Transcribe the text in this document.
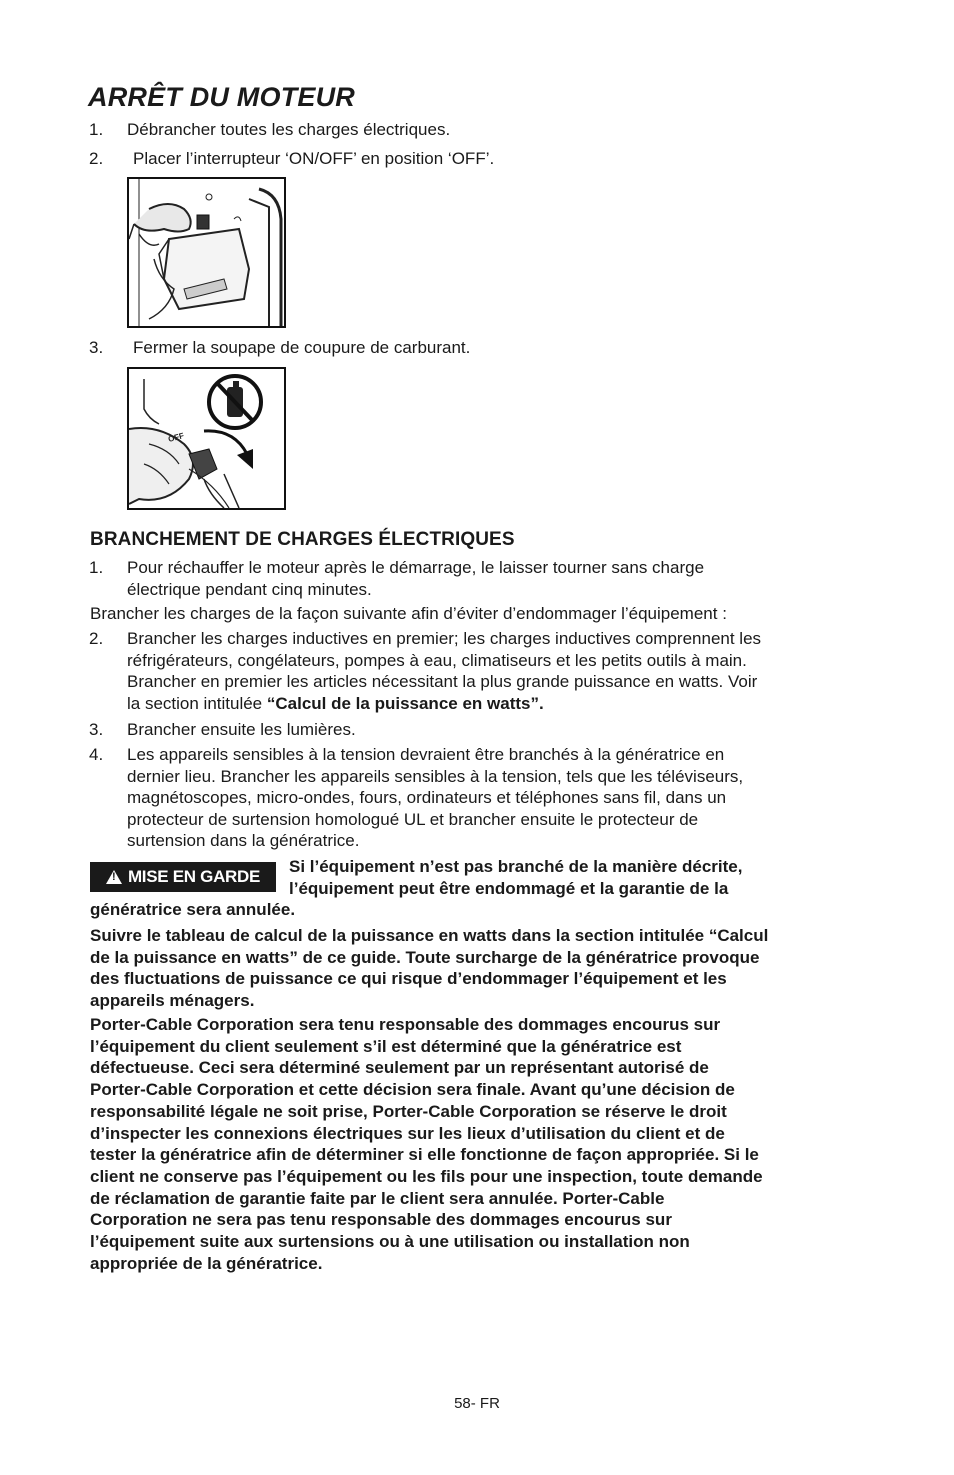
ARRÊT DU MOTEUR
1.	Débrancher toutes les charges électriques.
2.	Placer l’interrupteur ‘ON/OFF’ en position ‘OFF’.
3.	Fermer la soupape de coupure de carburant.
OFF
BRANCHEMENT DE CHARGES ÉLECTRIQUES
1.	Pour réchauffer le moteur après le démarrage, le laisser tourner sans charge
électrique pendant cinq minutes.
Brancher les charges de la façon suivante afin d’éviter d’endommager l’équipement :
2.	Brancher les charges inductives en premier; les charges inductives comprennent les
réfrigérateurs, congélateurs, pompes à eau, climatiseurs et les petits outils à main.
Brancher en premier les articles nécessitant la plus grande puissance en watts. Voir
la section intitulée “Calcul de la puissance en watts”.
3.	Brancher ensuite les lumières.
4.	Les appareils sensibles à la tension devraient être branchés à la génératrice en
dernier lieu. Brancher les appareils sensibles à la tension, tels que les téléviseurs,
magnétoscopes, micro-ondes, fours, ordinateurs et téléphones sans fil, dans un
protecteur de surtension homologué UL et brancher ensuite le protecteur de
surtension dans la génératrice.
!
MISE EN GARDE
Si l’équipement n’est pas branché de la manière décrite,
l’équipement peut être endommagé et la garantie de la
génératrice sera annulée.
Suivre le tableau de calcul de la puissance en watts dans la section intitulée “Calcul
de la puissance en watts” de ce guide. Toute surcharge de la génératrice provoque
des fluctuations de puissance ce qui risque d’endommager l’équipement et les
appareils ménagers.
Porter-Cable Corporation sera tenu responsable des dommages encourus sur
l’équipement du client seulement s’il est déterminé que la génératrice est
défectueuse. Ceci sera déterminé seulement par un représentant autorisé de
Porter-Cable Corporation et cette décision sera finale. Avant qu’une décision de
responsabilité légale ne soit prise, Porter-Cable Corporation se réserve le droit
d’inspecter les connexions électriques sur les lieux d’utilisation du client et de
tester la génératrice afin de déterminer si elle fonctionne de façon appropriée. Si le
client ne conserve pas l’équipement ou les fils pour une inspection, toute demande
de réclamation de garantie faite par le client sera annulée. Porter-Cable
Corporation ne sera pas tenu responsable des dommages encourus sur
l’équipement suite aux surtensions ou à une utilisation ou installation non
appropriée de la génératrice.
58- FR
